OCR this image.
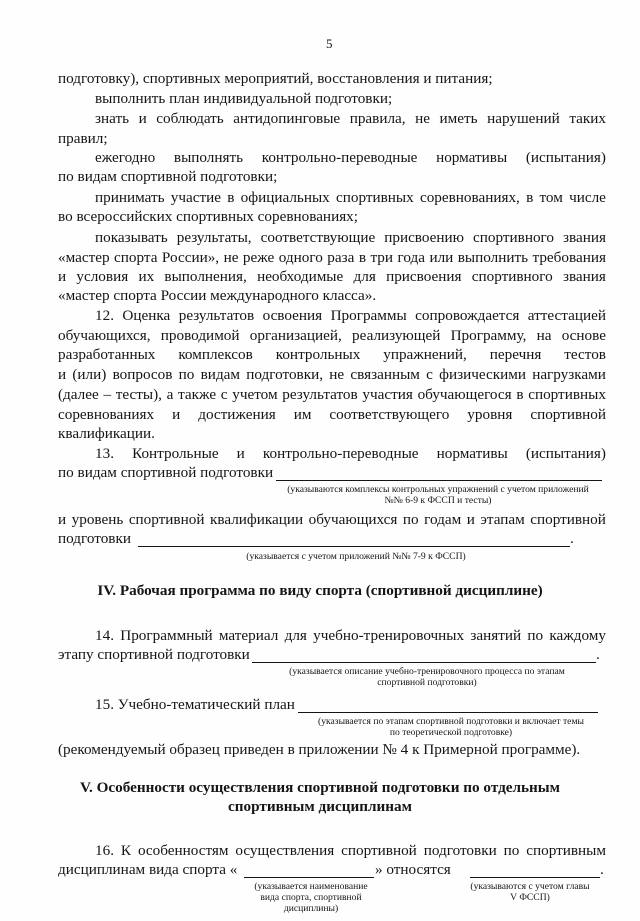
5
подготовку), спортивных мероприятий, восстановления и питания;
выполнить план индивидуальной подготовки;
знать и соблюдать антидопинговые правила, не иметь нарушений таких
правил;
ежегодно выполнять контрольно-переводные нормативы (испытания)
по видам спортивной подготовки;
принимать участие в официальных спортивных соревнованиях, в том числе
во всероссийских спортивных соревнованиях;
показывать результаты, соответствующие присвоению спортивного звания
«мастер спорта России», не реже одного раза в три года или выполнить требования
и условия их выполнения, необходимые для присвоения спортивного звания
«мастер спорта России международного класса».
12. Оценка результатов освоения Программы сопровождается аттестацией
обучающихся, проводимой организацией, реализующей Программу, на основе
разработанных комплексов контрольных упражнений, перечня тестов
и (или) вопросов по видам подготовки, не связанным с физическими нагрузками
(далее – тесты), а также с учетом результатов участия обучающегося в спортивных
соревнованиях и достижения им соответствующего уровня спортивной
квалификации.
13. Контрольные и контрольно-переводные нормативы (испытания)
по видам спортивной подготовки
(указываются комплексы контрольных упражнений с учетом приложений
№№ 6-9 к ФССП и тесты)
и уровень спортивной квалификации обучающихся по годам и этапам спортивной
подготовки	.
(указывается с учетом приложений №№ 7-9 к ФССП)
IV. Рабочая программа по виду спорта (спортивной дисциплине)
14. Программный материал для учебно-тренировочных занятий по каждому
этапу спортивной подготовки	.
(указывается описание учебно-тренировочного процесса по этапам
спортивной подготовки)
15. Учебно-тематический план
(указывается по этапам спортивной подготовки и включает темы
по теоретической подготовке)
(рекомендуемый образец приведен в приложении № 4 к Примерной программе).
V. Особенности осуществления спортивной подготовки по отдельным
спортивным дисциплинам
16. К особенностям осуществления спортивной подготовки по спортивным
дисциплинам вида спорта «	» относятся	.
(указывается наименование
вида спорта, спортивной
дисциплины)
(указываются с учетом главы
V ФССП)
